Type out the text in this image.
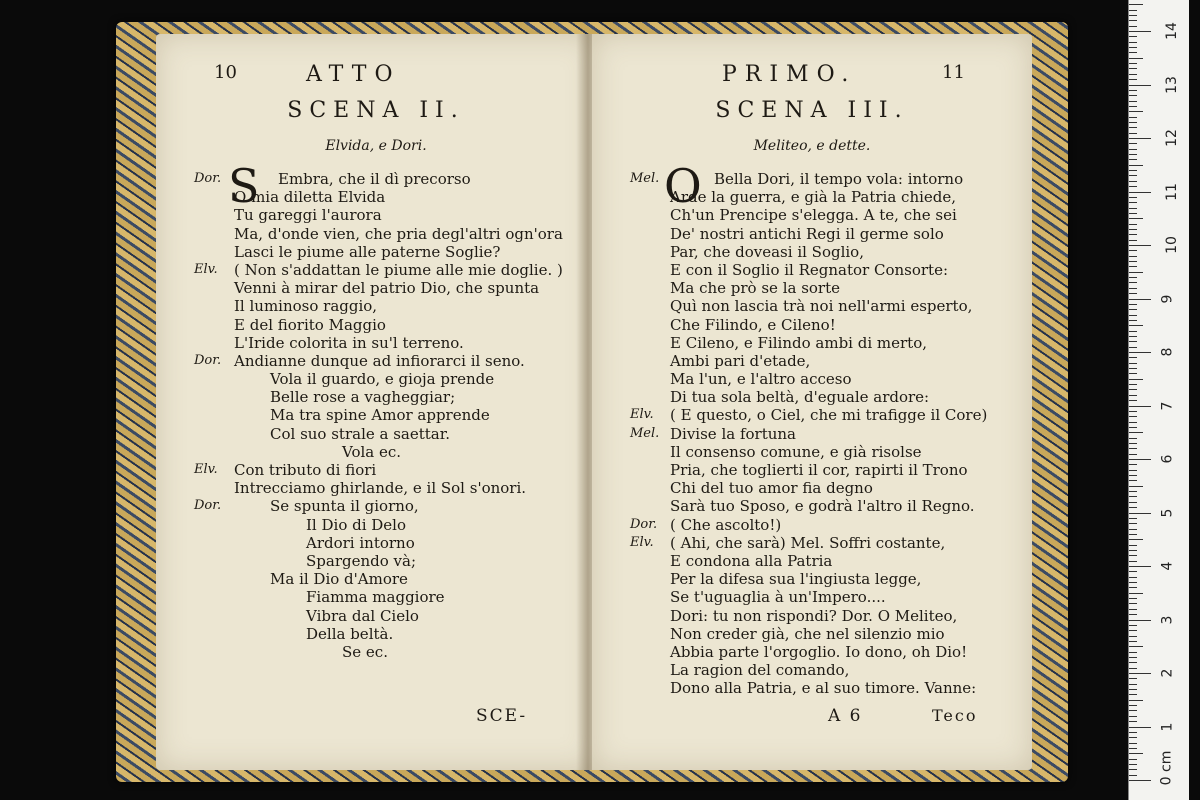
10	ATTO
SCENA II.
Elvida, e Dori.
Dor. S Embra, che il dì precorso
O mia diletta Elvida
Tu gareggi l'aurora
Ma, d'onde vien, che pria degl'altri ogn'ora
Lasci le piume alle paterne Soglie?
Elv. ( Non s'addattan le piume alle mie doglie. )
Venni à mirar del patrio Dio, che spunta
Il luminoso raggio,
E del fiorito Maggio
L'Iride colorita in su'l terreno.
Dor. Andianne dunque ad infiorarci il seno.
Vola il guardo, e gioja prende
Belle rose a vagheggiar;
Ma tra spine Amor apprende
Col suo strale a saettar.
Vola ec.
Elv. Con tributo di fiori
Intrecciamo ghirlande, e il Sol s'onori.
Dor.	Se spunta il giorno,
Il Dio di Delo
Ardori intorno
Spargendo và;
Ma il Dio d'Amore
Fiamma maggiore
Vibra dal Cielo
Della beltà.
Se ec.
SCE-
PRIMO.	11
SCENA III.
Meliteo, e dette.
Mel. O Bella Dori, il tempo vola: intorno
Arde la guerra, e già la Patria chiede,
Ch'un Prencipe s'elegga. A te, che sei
De' nostri antichi Regi il germe solo
Par, che doveasi il Soglio,
E con il Soglio il Regnator Consorte:
Ma che prò se la sorte
Quì non lascia trà noi nell'armi esperto,
Che Filindo, e Cileno!
E Cileno, e Filindo ambi di merto,
Ambi pari d'etade,
Ma l'un, e l'altro acceso
Di tua sola beltà, d'eguale ardore:
Elv. ( E questo, o Ciel, che mi trafigge il Core)
Mel. Divise la fortuna
Il consenso comune, e già risolse
Pria, che toglierti il cor, rapirti il Trono
Chi del tuo amor fia degno
Sarà tuo Sposo, e godrà l'altro il Regno.
Dor. ( Che ascolto!)
Elv. ( Ahi, che sarà) Mel. Soffri costante,
E condona alla Patria
Per la difesa sua l'ingiusta legge,
Se t'uguaglia à un'Impero....
Dori: tu non rispondi? Dor. O Meliteo,
Non creder già, che nel silenzio mio
Abbia parte l'orgoglio. Io dono, oh Dio!
La ragion del comando,
Dono alla Patria, e al suo timore. Vanne:
A 6	Teco
0 cm
1
2
3
4
5
6
7
8
9
10
11
12
13
14
